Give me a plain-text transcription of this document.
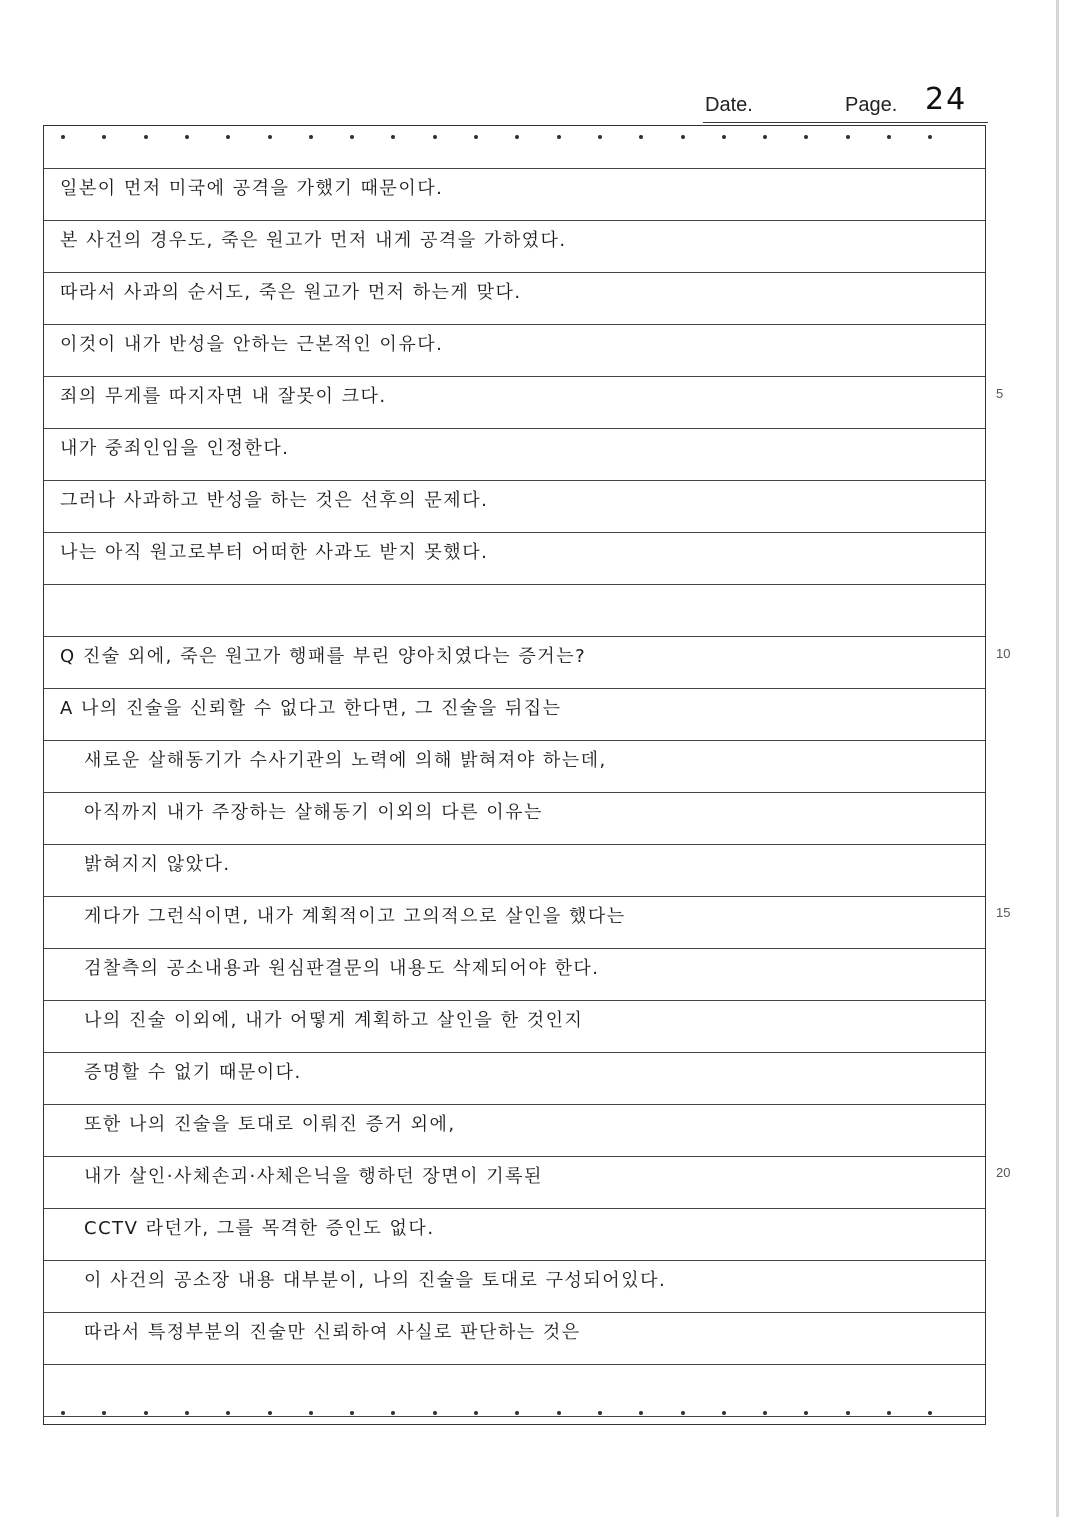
Date.	Page. 24
일본이 먼저 미국에 공격을 가했기 때문이다.
본 사건의 경우도, 죽은 원고가 먼저 내게 공격을 가하였다.
따라서 사과의 순서도, 죽은 원고가 먼저 하는게 맞다.
이것이 내가 반성을 안하는 근본적인 이유다.
죄의 무게를 따지자면 내 잘못이 크다.
내가 중죄인임을 인정한다.
그러나 사과하고 반성을 하는 것은 선후의 문제다.
나는 아직 원고로부터 어떠한 사과도 받지 못했다.
Q 진술 외에, 죽은 원고가 행패를 부린 양아치였다는 증거는?
A 나의 진술을 신뢰할 수 없다고 한다면, 그 진술을 뒤집는
새로운 살해동기가 수사기관의 노력에 의해 밝혀져야 하는데,
아직까지 내가 주장하는 살해동기 이외의 다른 이유는
밝혀지지 않았다.
게다가 그런식이면, 내가 계획적이고 고의적으로 살인을 했다는
검찰측의 공소내용과 원심판결문의 내용도 삭제되어야 한다.
나의 진술 이외에, 내가 어떻게 계획하고 살인을 한 것인지
증명할 수 없기 때문이다.
또한 나의 진술을 토대로 이뤄진 증거 외에,
내가 살인·사체손괴·사체은닉을 행하던 장면이 기록된
CCTV 라던가, 그를 목격한 증인도 없다.
이 사건의 공소장 내용 대부분이, 나의 진술을 토대로 구성되어있다.
따라서 특정부분의 진술만 신뢰하여 사실로 판단하는 것은
5
10
15
20
